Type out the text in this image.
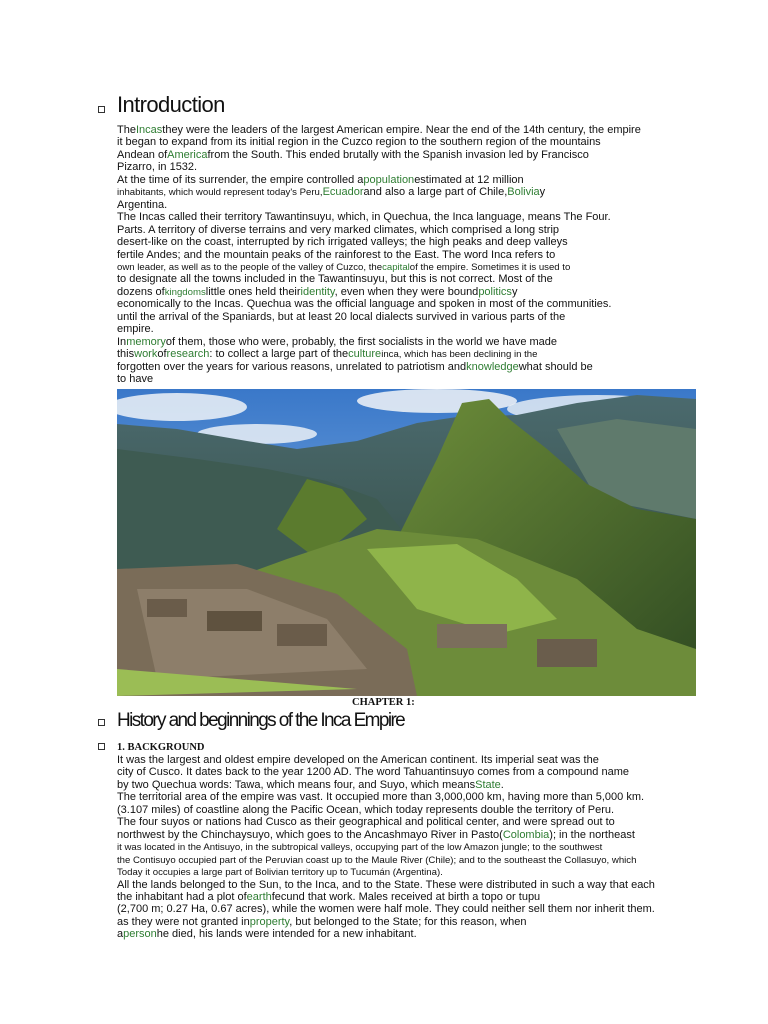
Introduction
TheIncasthey were the leaders of the largest American empire. Near the end of the 14th century, the empire
it began to expand from its initial region in the Cuzco region to the southern region of the mountains
Andean ofAmericafrom the South. This ended brutally with the Spanish invasion led by Francisco
Pizarro, in 1532.
At the time of its surrender, the empire controlled apopulationestimated at 12 million
inhabitants, which would represent today's Peru,Ecuadorand also a large part of Chile,Boliviay
Argentina.
The Incas called their territory Tawantinsuyu, which, in Quechua, the Inca language, means The Four.
Parts. A territory of diverse terrains and very marked climates, which comprised a long strip
desert-like on the coast, interrupted by rich irrigated valleys; the high peaks and deep valleys
fertile Andes; and the mountain peaks of the rainforest to the East. The word Inca refers to
own leader, as well as to the people of the valley of Cuzco, thecapitalof the empire. Sometimes it is used to
to designate all the towns included in the Tawantinsuyu, but this is not correct. Most of the
dozens ofkingdomslittle ones held theiridentity, even when they were boundpoliticsy
economically to the Incas. Quechua was the official language and spoken in most of the communities.
until the arrival of the Spaniards, but at least 20 local dialects survived in various parts of the
empire.
Inmemoryof them, those who were, probably, the first socialists in the world we have made
thisworkofresearch: to collect a large part of thecultureinca, which has been declining in the
forgotten over the years for various reasons, unrelated to patriotism andknowledgewhat should be
to have
CHAPTER 1:
History and beginnings of the Inca Empire
1. BACKGROUND
It was the largest and oldest empire developed on the American continent. Its imperial seat was the
city of Cusco. It dates back to the year 1200 AD. The word Tahuantinsuyo comes from a compound name
by two Quechua words: Tawa, which means four, and Suyo, which meansState.
The territorial area of the empire was vast. It occupied more than 3,000,000 km, having more than 5,000 km.
(3.107 miles) of coastline along the Pacific Ocean, which today represents double the territory of Peru.
The four suyos or nations had Cusco as their geographical and political center, and were spread out to
northwest by the Chinchaysuyo, which goes to the Ancashmayo River in Pasto(Colombia); in the northeast
it was located in the Antisuyo, in the subtropical valleys, occupying part of the low Amazon jungle; to the southwest
the Contisuyo occupied part of the Peruvian coast up to the Maule River (Chile); and to the southeast the Collasuyo, which
Today it occupies a large part of Bolivian territory up to Tucumán (Argentina).
All the lands belonged to the Sun, to the Inca, and to the State. These were distributed in such a way that each
the inhabitant had a plot ofearthfecund that work. Males received at birth a topo or tupu
(2,700 m; 0.27 Ha, 0.67 acres), while the women were half mole. They could neither sell them nor inherit them.
as they were not granted inproperty, but belonged to the State; for this reason, when
apersonhe died, his lands were intended for a new inhabitant.
